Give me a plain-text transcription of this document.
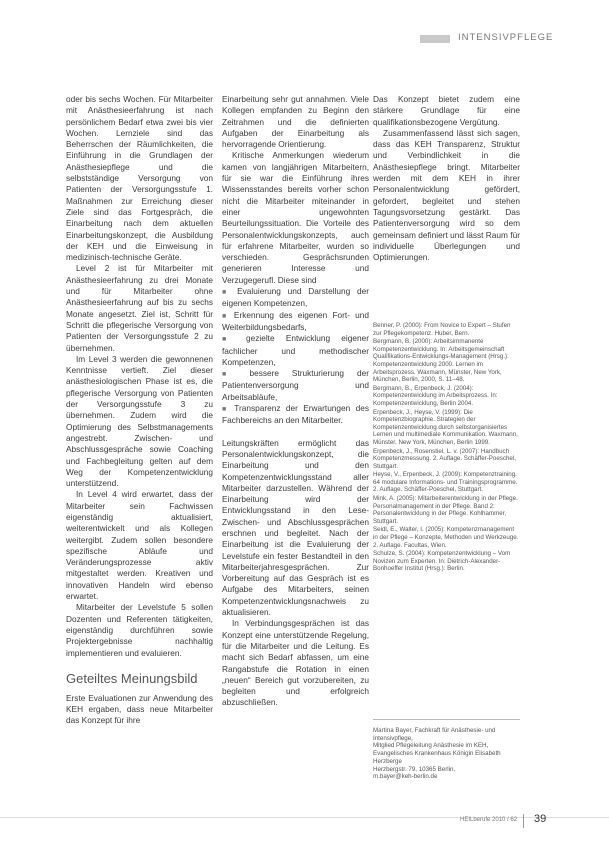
INTENSIVPFLEGE

oder bis sechs Wochen. Für Mitarbeiter mit Anästhesieerfahrung ist nach persönlichem Bedarf etwa zwei bis vier Wochen. Lernziele sind das Beherrschen der Räumlichkeiten, die Einführung in die Grundlagen der Anästhesiepflege und die selbstständige Versorgung von Patienten der Versorgungsstufe 1. Maßnahmen zur Erreichung dieser Ziele sind das Fortgespräch, die Einarbeitung nach dem aktuellen Einarbeitungskonzept, die Ausbildung der KEH und die Einweisung in medizinisch-technische Geräte.

Level 2 ist für Mitarbeiter mit Anästhesieerfahrung zu drei Monate und für Mitarbeiter ohne Anästhesieerfahrung auf bis zu sechs Monate angesetzt. Ziel ist, Schritt für Schritt die pflegerische Versorgung von Patienten der Versorgungsstufe 2 zu übernehmen.

Im Level 3 werden die gewonnenen Kenntnisse vertieft. Ziel dieser anästhesiologischen Phase ist es, die pflegerische Versorgung von Patienten der Versorgungsstufe 3 zu übernehmen. Zudem wird die Optimierung des Selbstmanagements angestrebt. Zwischen- und Abschlussgespräche sowie Coaching und Fachbegleitung gelten auf dem Weg der Kompetenzentwicklung unterstützend.

In Level 4 wird erwartet, dass der Mitarbeiter sein Fachwissen eigenständig aktualisiert, weiterentwickelt und als Kollegen weitergibt. Zudem sollen besondere spezifische Abläufe und Veränderungsprozesse aktiv mitgestaltet werden. Kreativen und innovativen Handeln wird ebenso erwartet.

Mitarbeiter der Levelstufe 5 sollen Dozenten und Referenten tätigkeiten, eigenständig durchführen sowie Projektergebnisse nachhaltig implementieren und evaluieren.

Geteiltes Meinungsbild

Erste Evaluationen zur Anwendung des KEH ergaben, dass neue Mitarbeiter das Konzept für ihre

Einarbeitung sehr gut annahmen. Viele Kollegen empfanden zu Beginn den Zeitrahmen und die definierten Aufgaben der Einarbeitung als hervorragende Orientierung.

Kritische Anmerkungen wiederum kamen von langjährigen Mitarbeitern, für sie war die Einführung ihres Wissensstandes bereits vorher schon nicht die Mitarbeiter miteinander in einer ungewohnten Beurteilungssituation. Die Vorteile des Personalentwicklungskonzepts, auch für erfahrene Mitarbeiter, wurden so verschieden. Gesprächsrunden generieren Interesse und Verzugegerufl. Diese sind

■ Evaluierung und Darstellung der eigenen Kompetenzen,

■ Erkennung des eigenen Fort- und Weiterbildungsbedarfs,

■ gezielte Entwicklung eigener fachlicher und methodischer Kompetenzen,

■ bessere Strukturierung der Patientenversorgung und Arbeitsabläufe,

■ Transparenz der Erwartungen des Fachbereichs an den Mitarbeiter.

Leitungskräften ermöglicht das Personalentwicklungskonzept, die Einarbeitung und den Kompetenzentwicklungsstand aller Mitarbeiter darzustellen. Während der Einarbeitung wird der Entwicklungsstand in den Lese- Zwischen- und Abschlussgesprächen erschnen und begleitet. Nach der Einarbeitung ist die Evaluierung der Levelstufe ein fester Bestandteil in den Mitarbeiterjahresgesprächen. Zur Vorbereitung auf das Gespräch ist es Aufgabe des Mitarbeiters, seinen Kompetenzentwicklungsnachweis zu aktualisieren.

In Verbindungsgesprächen ist das Konzept eine unterstützende Regelung, für die Mitarbeiter und die Leitung. Es macht sich Bedarf abfassen, um eine Rangabstufe die Rotation in einen „neuen“ Bereich gut vorzubereiten, zu begleiten und erfolgreich abzuschließen.

Das Konzept bietet zudem eine stärkere Grundlage für eine qualifikationsbezogene Vergütung.

Zusammenfassend lässt sich sagen, dass das KEH Transparenz, Struktur und Verbindlichkeit in die Anästhesiepflege bringt. Mitarbeiter werden mit dem KEH in ihrer Personalentwicklung gefördert, gefordert, begleitet und stehen Tagungsvorsetzung gestärkt. Das Patientenversorgung wird so dem gemeinsam definiert und lässt Raum für individuelle Überlegungen und Optimierungen.

Benner, P. (2000): From Novice to Expert – Stufen zur Pflegekompetenz. Huber, Bern.

Bergmann, B. (2000): Arbeitsimmanente Kompetenzentwicklung. In: Arbeitsgemeinschaft Qualifikations-Entwicklungs-Management (Hrsg.): Kompetenzentwicklung 2000. Lernen im Arbeitsprozess. Waxmann, Münster, New York, München, Berlin, 2000, S. 11–48.

Bergmann, B., Erpenbeck, J. (2004): Kompetenzentwicklung im Arbeitsprozess. In: Kompetenzentwicklung, Berlin 2004.

Erpenbeck, J., Heyse, V. (1999): Die Kompetenzbiographie. Strategien der Kompetenzentwicklung durch selbstorganisiertes Lernen und multimediale Kommunikation. Waxmann, Münster, New York, München, Berlin 1999.

Erpenbeck, J., Rosenstiel, L. v. (2007): Handbuch Kompetenzmessung. 2. Auflage. Schäffer-Poeschel, Stuttgart.

Heyse, V., Erpenbeck, J. (2009): Kompetenztraining. 64 modulare Informations- und Trainingsprogramme. 2. Auflage. Schäffer-Poeschel, Stuttgart.

Mink, A. (2005): Mitarbeiterentwicklung in der Pflege. Personalmanagement in der Pflege. Band 2: Personalentwicklung in der Pflege. Kohlhammer, Stuttgart.

Seidl, E., Walter, I. (2005): Kompetenzmanagement in der Pflege – Konzepte, Methoden und Werkzeuge. 2. Auflage. Facultas, Wien.

Schulze, S. (2004): Kompetenzentwicklung – Vom Novizen zum Experten. In: Dietrich-Alexander-Bonhoeffer Institut (Hrsg.): Berlin.

Martina Bayer, Fachkraft für Anästhesie- und Intensivpflege,
Mitglied Pflegeleitung Anästhesie im KEH,
Evangelisches Krankenhaus Königin Elisabeth Herzberge
Herzbergstr. 79, 10365 Berlin,
m.bayer@keh-berlin.de
HEILberufe 2010 / 62 39
